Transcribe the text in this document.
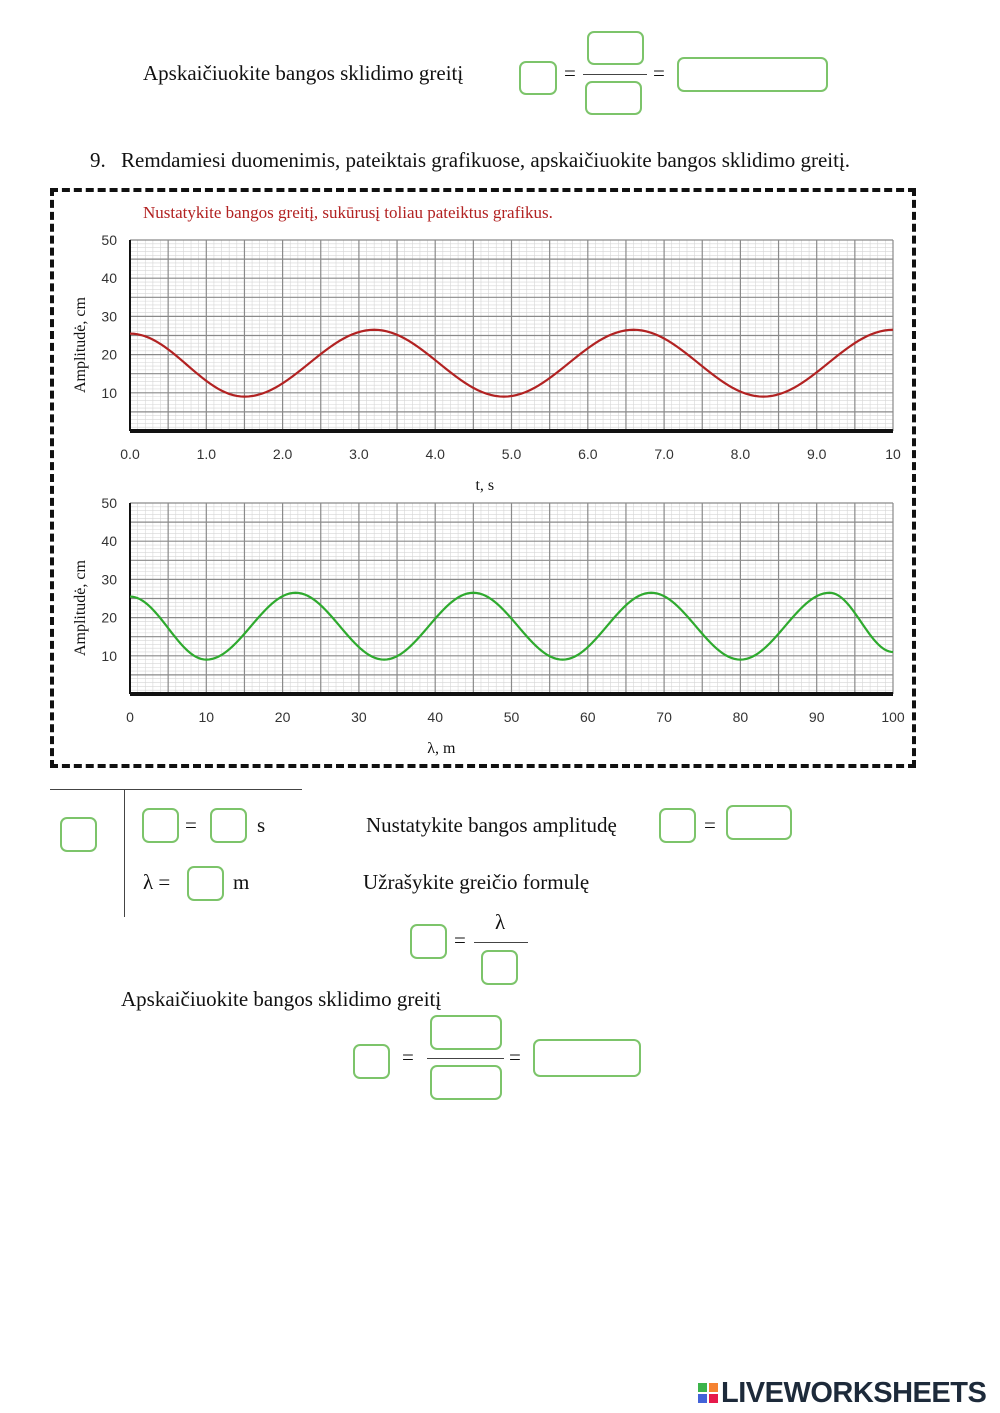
Apskaičiuokite bangos sklidimo greitį	=	=
9. Remdamiesi duomenimis, pateiktais grafikuose, apskaičiuokite bangos sklidimo greitį.
Nustatykite bangos greitį, sukūrusį toliau pateiktus grafikus.
0.0	1.0	2.0	3.0	4.0	5.0	6.0	7.0	8.0	9.0	10
10
20
30
40
50
t, s
Amplitudė, cm
0	10	20	30	40	50	60	70	80	90	100
10
20
30
40
50
λ, m
Amplitudė, cm
=	s	Nustatykite bangos amplitudę	=
λ =	m	Užrašykite greičio formulę
λ
=
Apskaičiuokite bangos sklidimo greitį
=	=
LIVEWORKSHEETS
